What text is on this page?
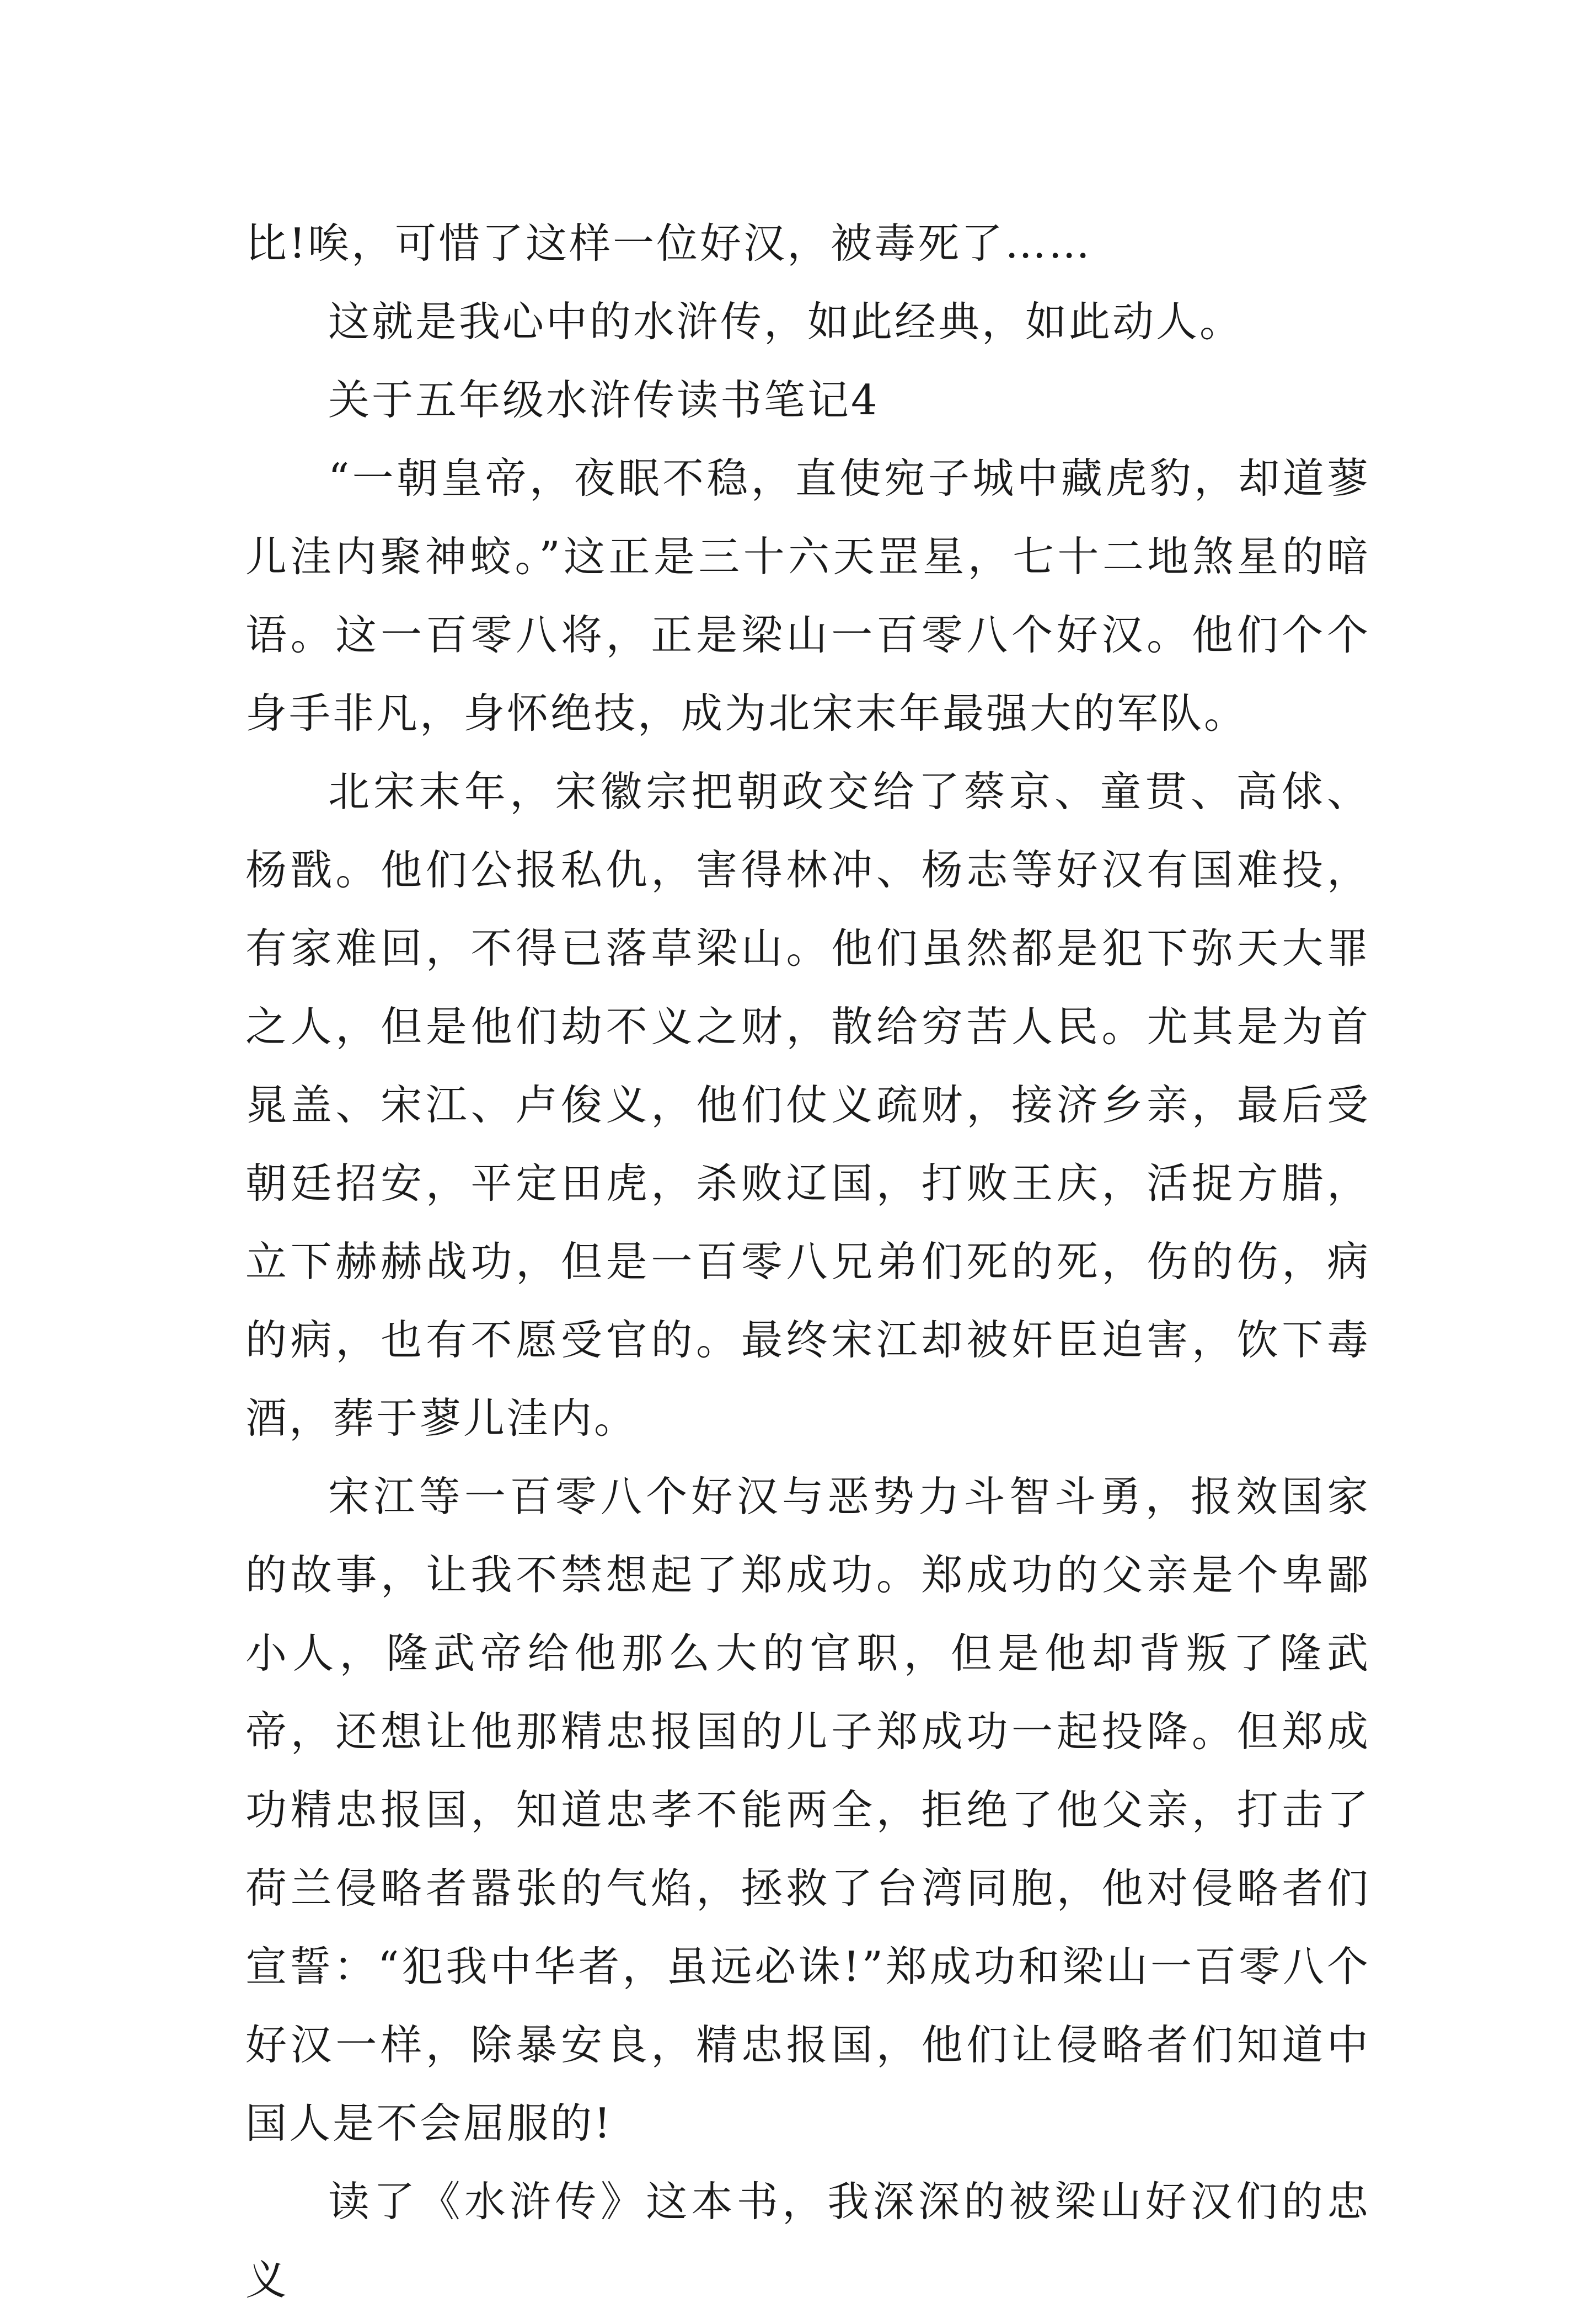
比!唉，可惜了这样一位好汉，被毒死了……

这就是我心中的水浒传，如此经典，如此动人。

关于五年级水浒传读书笔记4

“一朝皇帝，夜眠不稳，直使宛子城中藏虎豹，却道蓼儿洼内聚神蛟。”这正是三十六天罡星，七十二地煞星的暗语。这一百零八将，正是梁山一百零八个好汉。他们个个身手非凡，身怀绝技，成为北宋末年最强大的军队。

北宋末年，宋徽宗把朝政交给了蔡京、童贯、高俅、杨戬。他们公报私仇，害得林冲、杨志等好汉有国难投，有家难回，不得已落草梁山。他们虽然都是犯下弥天大罪之人，但是他们劫不义之财，散给穷苦人民。尤其是为首晁盖、宋江、卢俊义，他们仗义疏财，接济乡亲，最后受朝廷招安，平定田虎，杀败辽国，打败王庆，活捉方腊，立下赫赫战功，但是一百零八兄弟们死的死，伤的伤，病的病，也有不愿受官的。最终宋江却被奸臣迫害，饮下毒酒，葬于蓼儿洼内。

宋江等一百零八个好汉与恶势力斗智斗勇，报效国家的故事，让我不禁想起了郑成功。郑成功的父亲是个卑鄙小人，隆武帝给他那么大的官职，但是他却背叛了隆武帝，还想让他那精忠报国的儿子郑成功一起投降。但郑成功精忠报国，知道忠孝不能两全，拒绝了他父亲，打击了荷兰侵略者嚣张的气焰，拯救了台湾同胞，他对侵略者们宣誓：“犯我中华者，虽远必诛!”郑成功和梁山一百零八个好汉一样，除暴安良，精忠报国，他们让侵略者们知道中国人是不会屈服的!

读了《水浒传》这本书，我深深的被梁山好汉们的忠义
